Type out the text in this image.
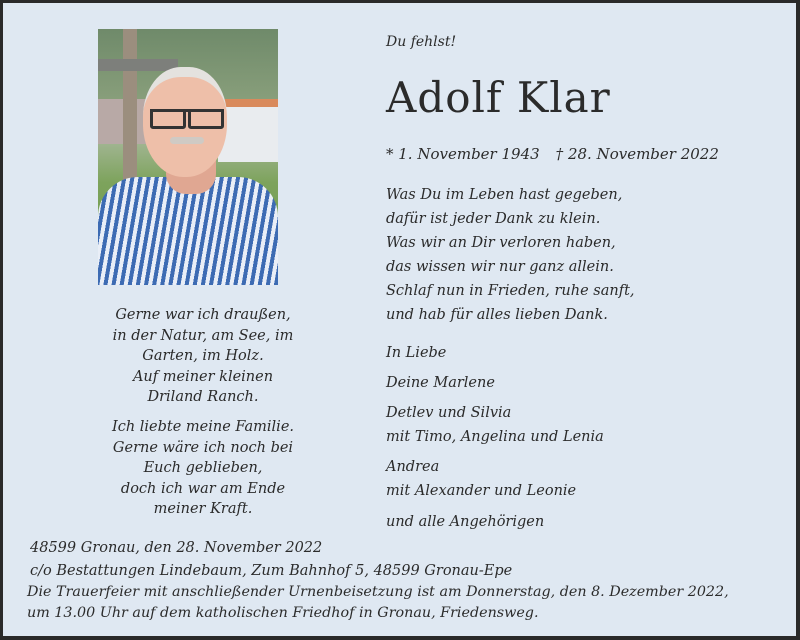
Du fehlst!
Adolf Klar
* 1. November 1943 † 28. November 2022
Was Du im Leben hast gegeben,
dafür ist jeder Dank zu klein.
Was wir an Dir verloren haben,
das wissen wir nur ganz allein.
Schlaf nun in Frieden, ruhe sanft,
und hab für alles lieben Dank.
In Liebe
Deine Marlene
Detlev und Silvia
mit Timo, Angelina und Lenia
Andrea
mit Alexander und Leonie
und alle Angehörigen
Gerne war ich draußen,
in der Natur, am See, im
Garten, im Holz.
Auf meiner kleinen
Driland Ranch.
Ich liebte meine Familie.
Gerne wäre ich noch bei
Euch geblieben,
doch ich war am Ende
meiner Kraft.
48599 Gronau, den 28. November 2022
c/o Bestattungen Lindebaum, Zum Bahnhof 5, 48599 Gronau-Epe
Die Trauerfeier mit anschließender Urnenbeisetzung ist am Donnerstag, den 8. Dezember 2022,
um 13.00 Uhr auf dem katholischen Friedhof in Gronau, Friedensweg.
